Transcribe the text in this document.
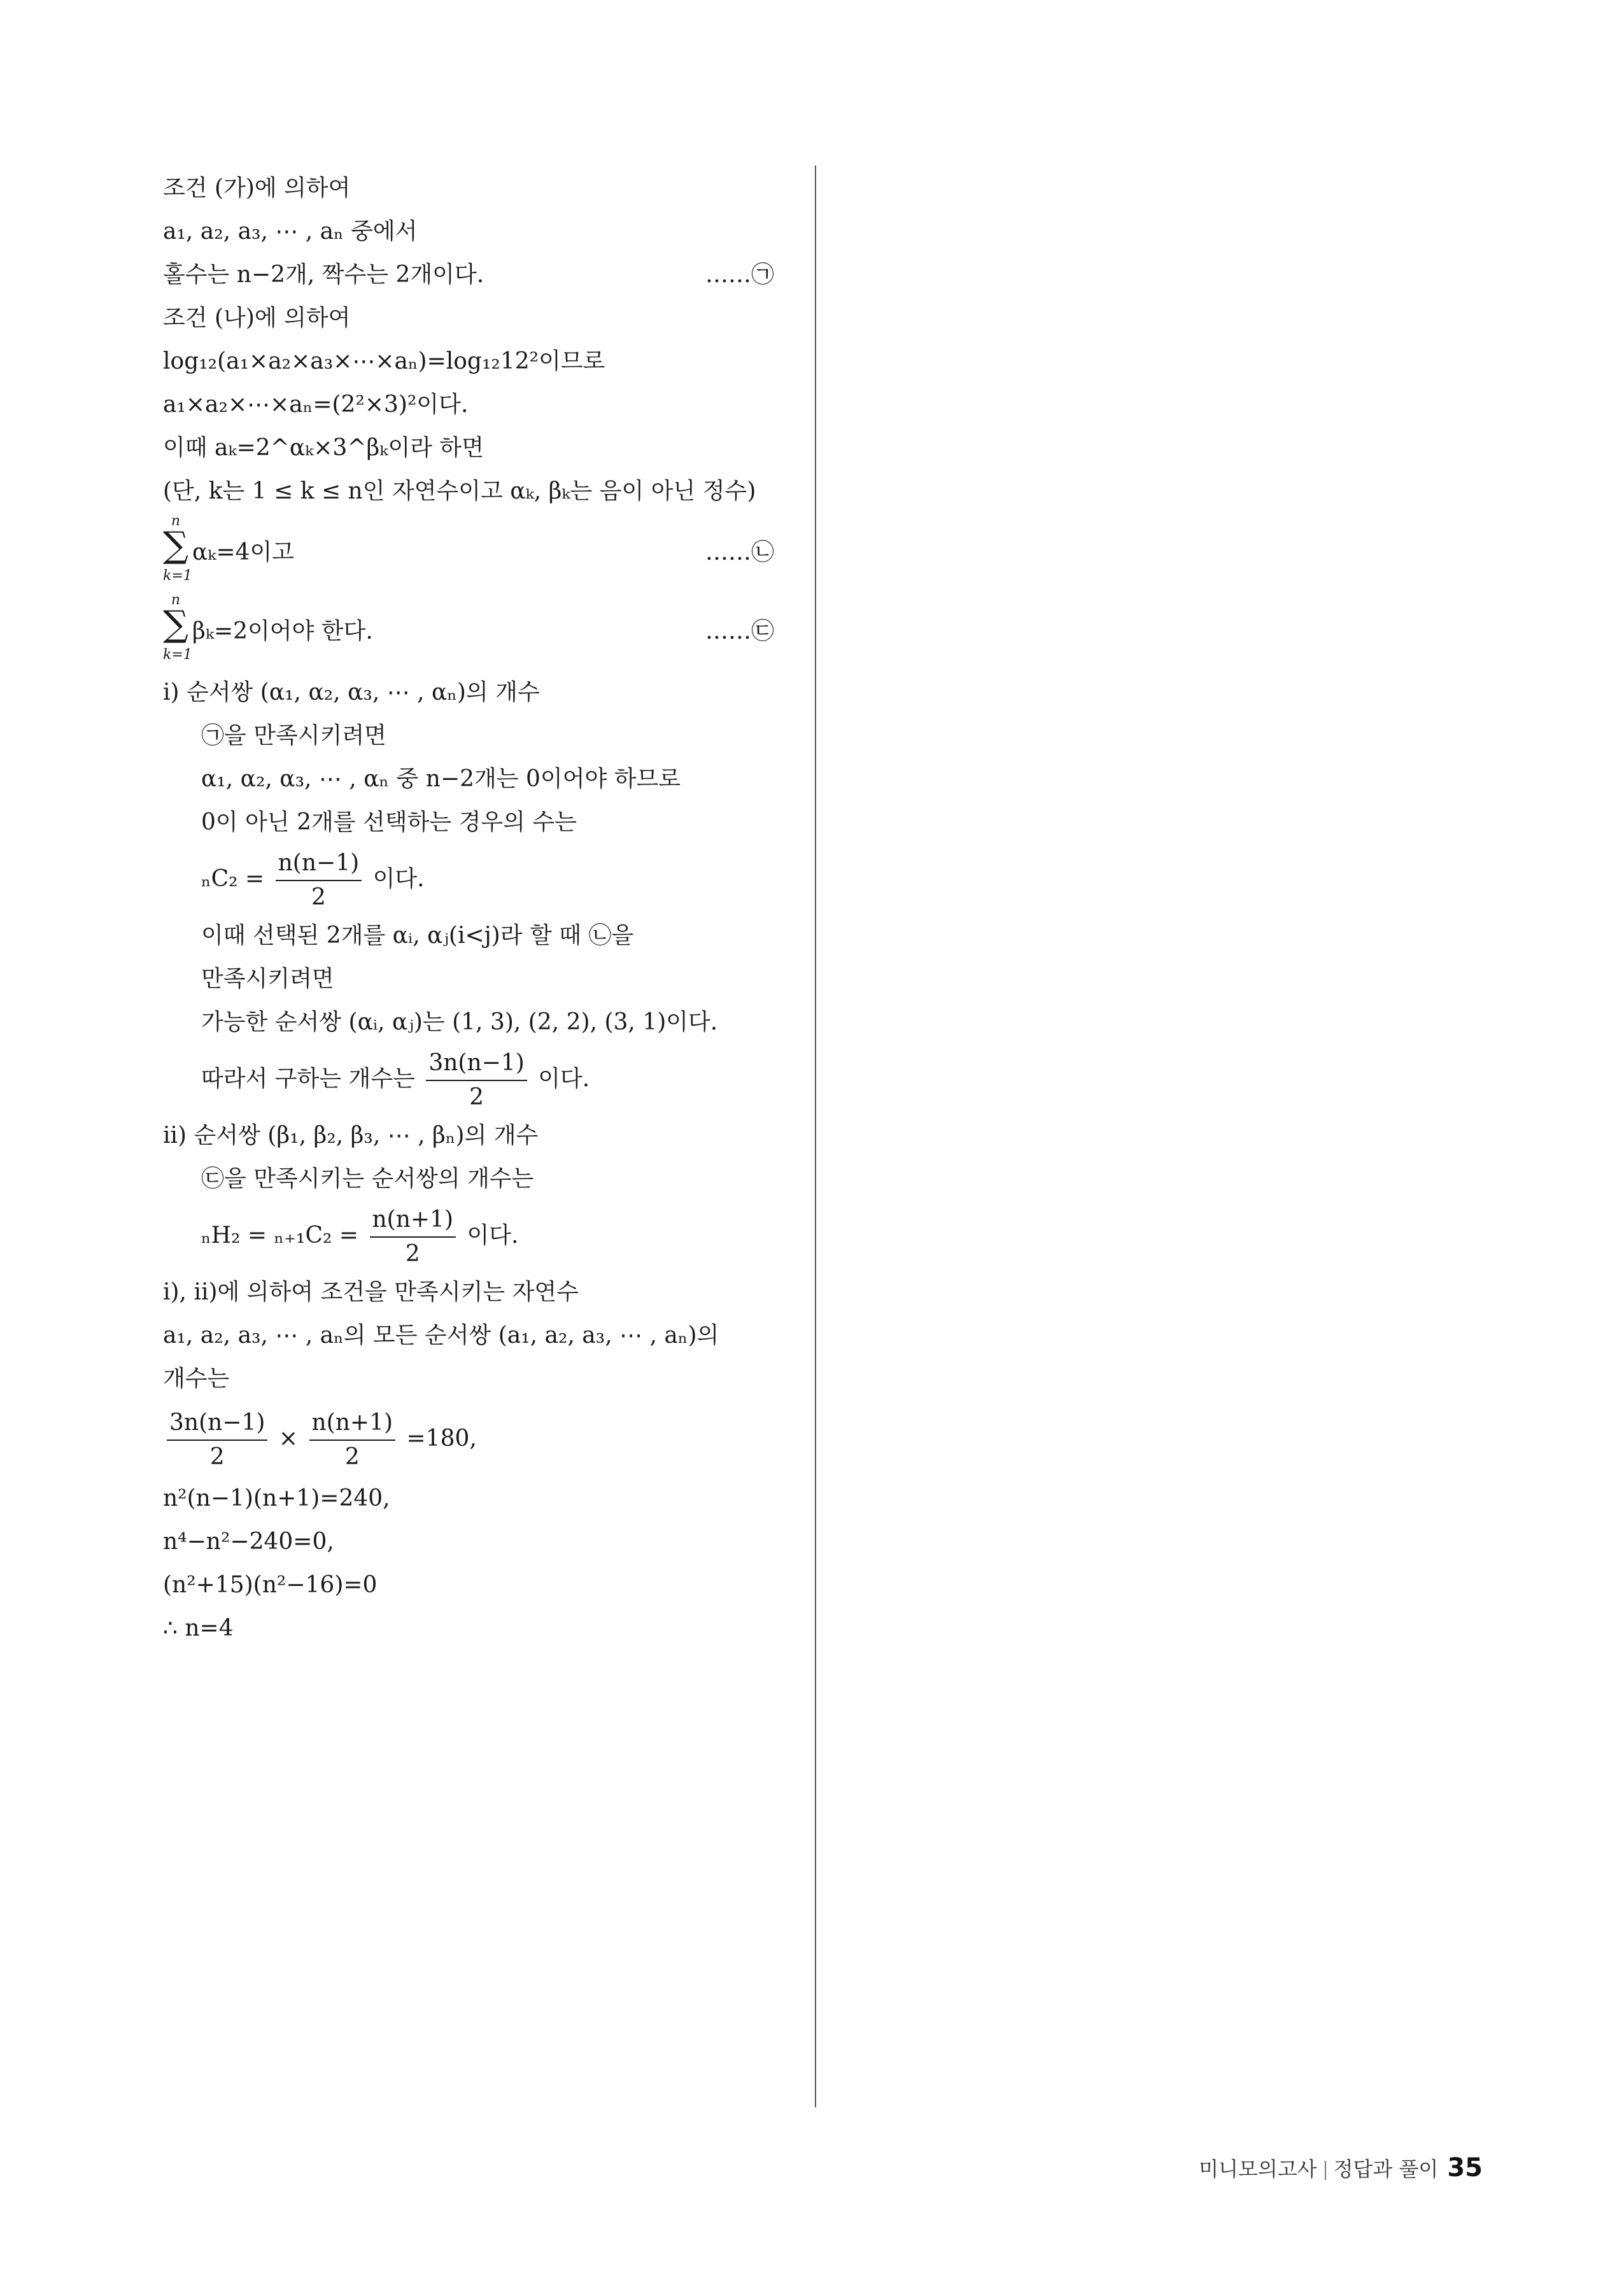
조건 (가)에 의하여
a₁, a₂, a₃, ⋯ , aₙ 중에서
홀수는 n−2개, 짝수는 2개이다.	……㉠
조건 (나)에 의하여
log₁₂(a₁×a₂×a₃×⋯×aₙ)=log₁₂12²이므로
a₁×a₂×⋯×aₙ=(2²×3)²이다.
이때 aₖ=2^αₖ×3^βₖ이라 하면
(단, k는 1 ≤ k ≤ n인 자연수이고 αₖ, βₖ는 음이 아닌 정수)
n
∑
k=1
αₖ=4이고	……㉡
n
∑
k=1
βₖ=2이어야 한다.	……㉢
ⅰ) 순서쌍 (α₁, α₂, α₃, ⋯ , αₙ)의 개수
㉠을 만족시키려면
α₁, α₂, α₃, ⋯ , αₙ 중 n−2개는 0이어야 하므로
0이 아닌 2개를 선택하는 경우의 수는
$_nC_2 = \frac{n(n-1)}{2}$ 이다.
이때 선택된 2개를 αᵢ, αⱼ(i<j)라 할 때 ㉡을
만족시키려면
가능한 순서쌍 (αᵢ, αⱼ)는 (1, 3), (2, 2), (3, 1)이다.
따라서 구하는 개수는 $\frac{3n(n-1)}{2}$ 이다.
ⅱ) 순서쌍 (β₁, β₂, β₃, ⋯ , βₙ)의 개수
㉢을 만족시키는 순서쌍의 개수는
$_nH_2 = _{n+1}C_2 = \frac{n(n+1)}{2}$ 이다.
ⅰ), ⅱ)에 의하여 조건을 만족시키는 자연수
a₁, a₂, a₃, ⋯ , aₙ의 모든 순서쌍 (a₁, a₂, a₃, ⋯ , aₙ)의
개수는
$\frac{3n(n-1)}{2} \times \frac{n(n+1)}{2} =180$,
n²(n−1)(n+1)=240,
n⁴−n²−240=0,
(n²+15)(n²−16)=0
∴ n=4
미니모의고사 정답과 풀이 35
